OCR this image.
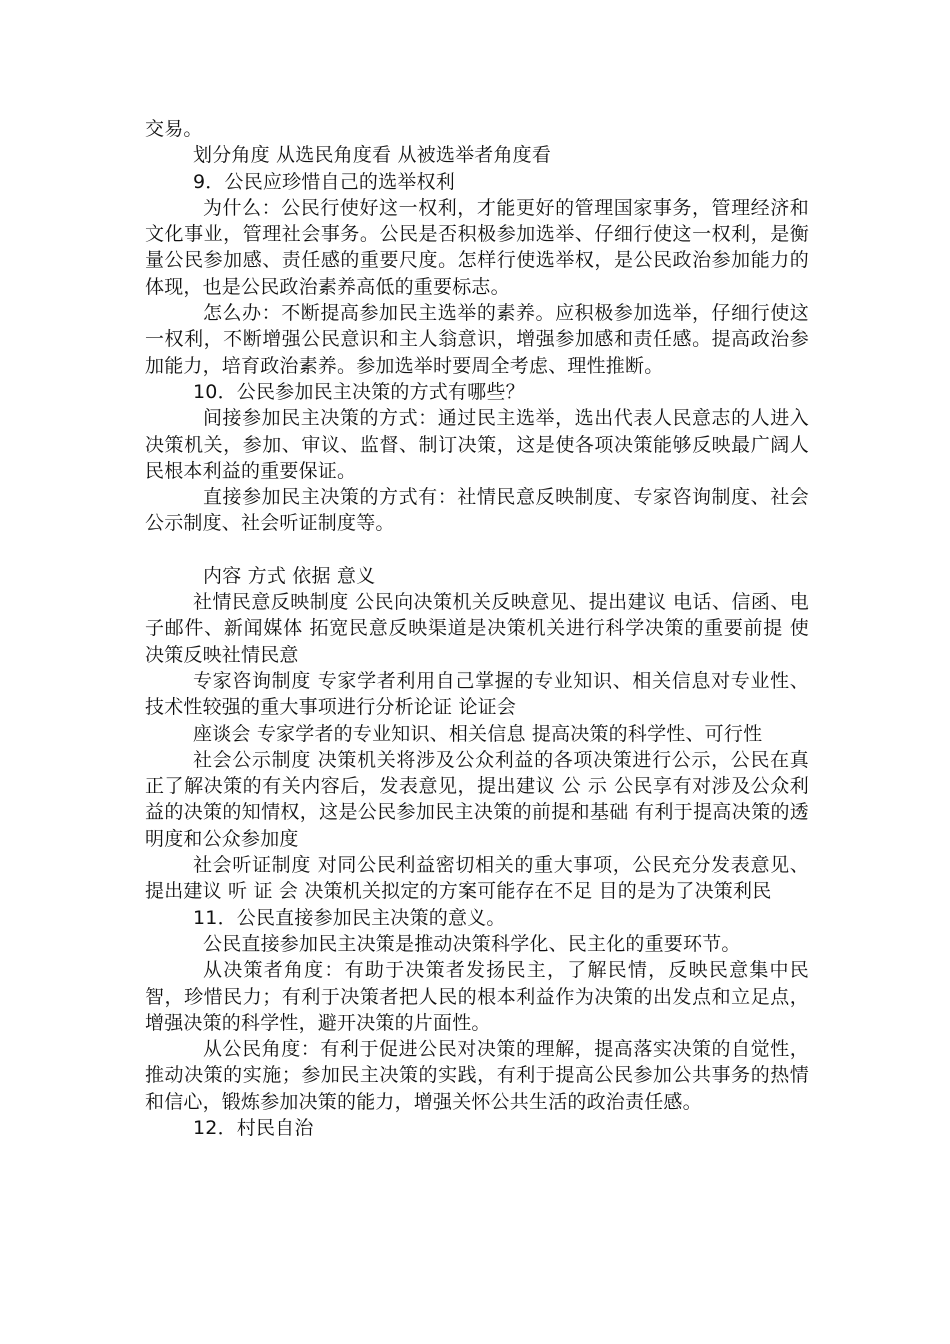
交易。

划分角度 从选民角度看 从被选举者角度看

9．公民应珍惜自己的选举权利

为什么：公民行使好这一权利，才能更好的管理国家事务，管理经济和文化事业，管理社会事务。公民是否积极参加选举、仔细行使这一权利，是衡量公民参加感、责任感的重要尺度。怎样行使选举权，是公民政治参加能力的体现，也是公民政治素养高低的重要标志。

怎么办：不断提高参加民主选举的素养。应积极参加选举，仔细行使这一权利，不断增强公民意识和主人翁意识，增强参加感和责任感。提高政治参加能力，培育政治素养。参加选举时要周全考虑、理性推断。

10．公民参加民主决策的方式有哪些？

间接参加民主决策的方式：通过民主选举，选出代表人民意志的人进入决策机关，参加、审议、监督、制订决策，这是使各项决策能够反映最广阔人民根本利益的重要保证。

直接参加民主决策的方式有：社情民意反映制度、专家咨询制度、社会公示制度、社会听证制度等。

内容 方式 依据 意义

社情民意反映制度 公民向决策机关反映意见、提出建议 电话、信函、电子邮件、新闻媒体 拓宽民意反映渠道是决策机关进行科学决策的重要前提 使决策反映社情民意

专家咨询制度 专家学者利用自己掌握的专业知识、相关信息对专业性、技术性较强的重大事项进行分析论证 论证会

座谈会 专家学者的专业知识、相关信息 提高决策的科学性、可行性

社会公示制度 决策机关将涉及公众利益的各项决策进行公示，公民在真正了解决策的有关内容后，发表意见，提出建议 公 示 公民享有对涉及公众利益的决策的知情权，这是公民参加民主决策的前提和基础 有利于提高决策的透明度和公众参加度

社会听证制度 对同公民利益密切相关的重大事项，公民充分发表意见、提出建议 听 证 会 决策机关拟定的方案可能存在不足 目的是为了决策利民

11．公民直接参加民主决策的意义。

公民直接参加民主决策是推动决策科学化、民主化的重要环节。

从决策者角度：有助于决策者发扬民主，了解民情，反映民意集中民智，珍惜民力；有利于决策者把人民的根本利益作为决策的出发点和立足点，增强决策的科学性，避开决策的片面性。

从公民角度：有利于促进公民对决策的理解，提高落实决策的自觉性，推动决策的实施；参加民主决策的实践，有利于提高公民参加公共事务的热情和信心，锻炼参加决策的能力，增强关怀公共生活的政治责任感。

12．村民自治
